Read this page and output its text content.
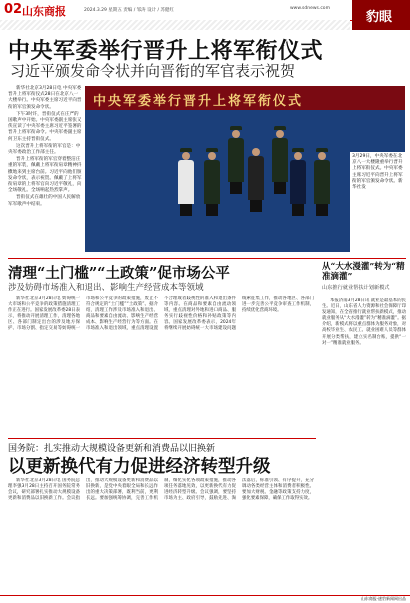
02 山东商报	2024.3.29 星期五 责编 / 邹涛 设计 / 苏健红	www.sdnews.com
豹眼
中央军委举行晋升上将军衔仪式
习近平颁发命令状并向晋衔的军官表示祝贺

新华社北京3月28日电 中央军委晋升上将军衔仪式28日在北京八一大楼举行。中央军委主席习近平向晋衔的军官颁发命令状。

下午3时许，晋衔仪式在庄严的国歌声中开始。中央军委副主席张又侠宣读了中央军委主席习近平签署的晋升上将军衔命令。中央军委副主席何卫东主持晋衔仪式。

这次晋升上将军衔的军官是：中央军委政治工作部主任。

晋升上将军衔的军官穿着整洁庄重的军装，佩戴上将军衔肩章精神抖擞地来到主席台前。习近平向他们颁发命令状，表示祝贺。佩戴了上将军衔肩章的上将军官向习近平敬礼，向全场敬礼。全场响起热烈掌声。

晋衔仪式在雄壮的中国人民解放军军歌声中结束。

中央军委举行晋升上将军衔仪式
3月29日，中央军委在北京八一大楼隆重举行晋升上将军衔仪式。中央军委主席习近平向晋升上将军衔的军官颁发命令状。新华社发
清理“土门槛”“土政策”促市场公平
涉及妨碍市场准入和退出、影响生产经营成本等领域

新华社北京3月28日电 妨碍统一大市场和公平竞争的政策措施清理工作正在进行。国家发展改革委28日表示，将推动开展清理工作，清理各地区、各部门制定出台的涉及地方保护、市场分割、指定交易等妨碍统一市场和公平竞争的政策措施，废止不符合规定的“土门槛”“土政策”。据介绍，清理工作涉及市场准入和退出、商品和要素自由流动、影响生产经营成本、影响生产经营行为等方面。在市场准入和退出领域，重点清理设置不合理或者歧视性的准入和退出条件等内容。在商品和要素自由流动领域，重点清理对外地和进口商品、服务实行歧视性价格和补贴政策等内容。国家发展改革委表示，2024年将继续开展妨碍统一大市场建设问题线索征集工作，推动各地区、各部门进一步完善公平竞争审查工作机制，持续优化营商环境。

从“大水漫灌”转为“精准滴灌”
山东推行就业帮扶计划新模式

本报济南3月28日讯 就业是最基本的民生。近日，山东省人力资源和社会保障厅印发通知，在全省推行就业帮扶新模式，推动就业服务从“大水漫灌”转为“精准滴灌”。据介绍，新模式将以重点群体为服务对象，对高校毕业生、农民工、就业困难人员等群体开展分类帮扶，建立实名制台账，提供“一对一”精准就业服务。

国务院：扎实推动大规模设备更新和消费品以旧换新
以更新换代有力促进经济转型升级

新华社北京3月28日电 国务院总理李强3月28日主持召开国务院常务会议，研究部署扎实推动大规模设备更新和消费品以旧换新工作。会议指出，推动大规模设备更新和消费品以旧换新，是党中央着眼全局和长远作出的重大决策部署，既利当前，更利长远。要加强统筹协调，完善工作机制，细化实化各项政策措施，推动各项任务落地见效，以更新换代有力促进经济转型升级。会议强调，要坚持市场为主、政府引导，鼓励先进、淘汰落后，标准引领、有序提升，充分调动各类经营主体和消费者积极性。要加大财税、金融等政策支持力度，强化要素保障，确保工作取得实效。

山东商报·速豹新闻网出品
